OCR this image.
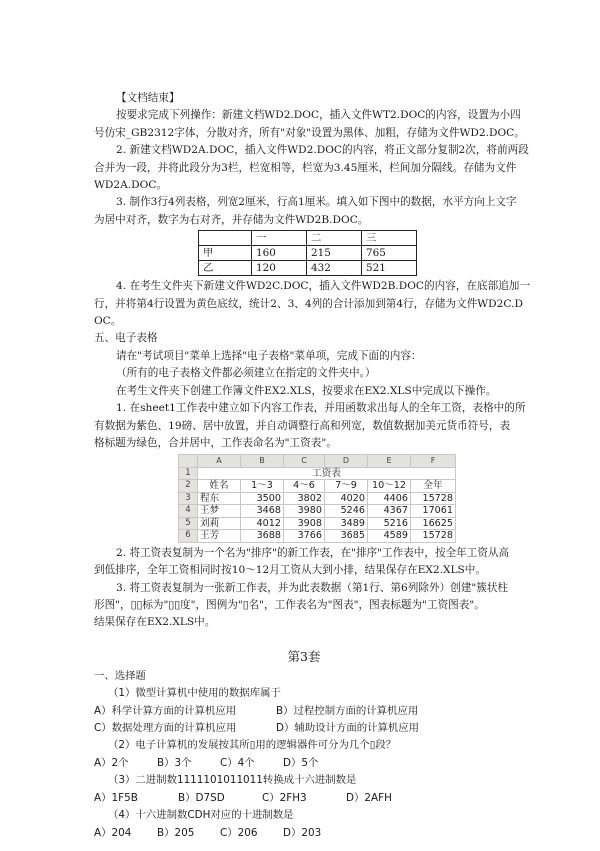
【文档结束】
按要求完成下列操作：新建文档WD2.DOC，插入文件WT2.DOC的内容，设置为小四
号仿宋_GB2312字体，分散对齐，所有"对象"设置为黑体、加粗，存储为文件WD2.DOC。
2. 新建文档WD2A.DOC，插入文件WD2.DOC的内容，将正文部分复制2次，将前两段
合并为一段，并将此段分为3栏，栏宽相等，栏宽为3.45厘米，栏间加分隔线。存储为文件
WD2A.DOC。
3. 制作3行4列表格，列宽2厘米，行高1厘米。填入如下图中的数据，水平方向上文字
为居中对齐，数字为右对齐，并存储为文件WD2B.DOC。
	一	二	三
甲	160	215	765
乙	120	432	521
4. 在考生文件夹下新建文件WD2C.DOC，插入文件WD2B.DOC的内容，在底部追加一
行，并将第4行设置为黄色底纹，统计2、3、4列的合计添加到第4行，存储为文件WD2C.D
OC。
五、电子表格
请在"考试项目"菜单上选择"电子表格"菜单项，完成下面的内容：
（所有的电子表格文件都必须建立在指定的文件夹中。）
在考生文件夹下创建工作簿文件EX2.XLS，按要求在EX2.XLS中完成以下操作。
1. 在sheet1工作表中建立如下内容工作表，并用函数求出每人的全年工资，表格中的所
有数据为紫色、19磅、居中放置，并自动调整行高和列宽，数值数据加美元货币符号，表
格标题为绿色，合并居中，工作表命名为"工资表"。
	A	B	C	D	E	F
1	工资表					
2	姓名	1～3	4～6	7～9	10～12	全年
3	程东	3500	3802	4020	4406	15728
4	王梦	3468	3980	5246	4367	17061
5	刘莉	4012	3908	3489	5216	16625
6	王芳	3688	3766	3685	4589	15728
2. 将工资表复制为一个名为"排序"的新工作表，在"排序"工作表中，按全年工资从高
到低排序，全年工资相同时按10～12月工资从大到小排，结果保存在EX2.XLS中。
3. 将工资表复制为一张新工作表，并为此表数据（第1行、第6列除外）创建"簇状柱
形图"，▯▯标为"▯▯度"，图例为"▯名"，工作表名为"图表"，图表标题为"工资图表"。
结果保存在EX2.XLS中。
第3套
一、选择题
（1）微型计算机中使用的数据库属于
A）科学计算方面的计算机应用	B）过程控制方面的计算机应用
C）数据处理方面的计算机应用	D）辅助设计方面的计算机应用
（2）电子计算机的发展按其所▯用的逻辑器件可分为几个▯段？
A）2个	B）3个	C）4个	D）5个
（3）二进制数1111101011011转换成十六进制数是
A）1F5B	B）D7SD	C）2FH3	D）2AFH
（4）十六进制数CDH对应的十进制数是
A）204	B）205	C）206	D）203
